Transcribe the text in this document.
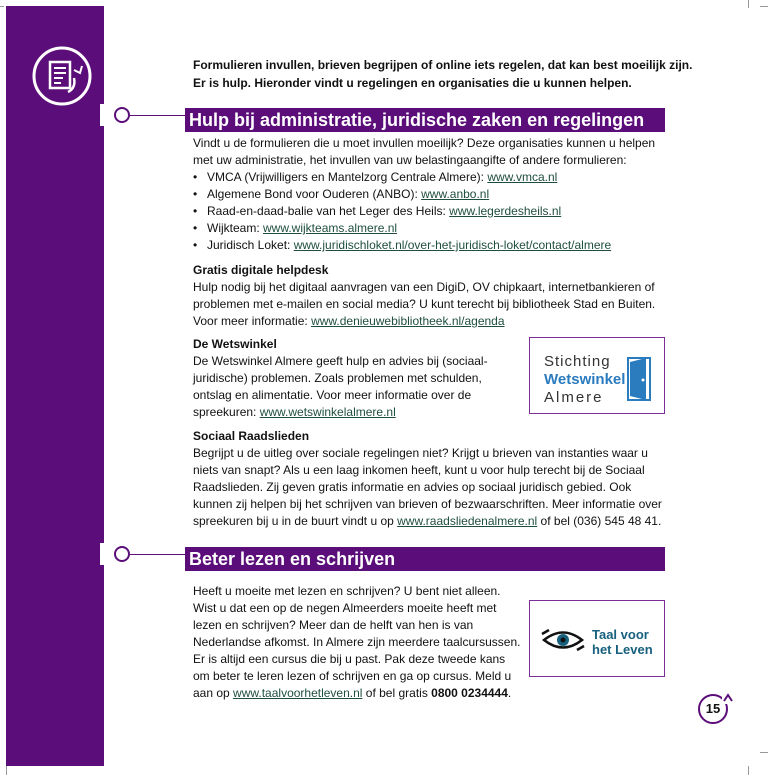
Formulieren invullen, brieven begrijpen of online iets regelen, dat kan best moeilijk zijn. Er is hulp. Hieronder vindt u regelingen en organisaties die u kunnen helpen.

Hulp bij administratie, juridische zaken en regelingen

Vindt u de formulieren die u moet invullen moeilijk? Deze organisaties kunnen u helpen met uw administratie, het invullen van uw belastingaangifte of andere formulieren:

• VMCA (Vrijwilligers en Mantelzorg Centrale Almere): www.vmca.nl
• Algemene Bond voor Ouderen (ANBO): www.anbo.nl
• Raad-en-daad-balie van het Leger des Heils: www.legerdesheils.nl
• Wijkteam: www.wijkteams.almere.nl
• Juridisch Loket: www.juridischloket.nl/over-het-juridisch-loket/contact/almere
Gratis digitale helpdesk

Hulp nodig bij het digitaal aanvragen van een DigiD, OV chipkaart, internetbankieren of problemen met e-mailen en social media? U kunt terecht bij bibliotheek Stad en Buiten. Voor meer informatie: www.denieuwebibliotheek.nl/agenda

De Wetswinkel

De Wetswinkel Almere geeft hulp en advies bij (sociaal-juridische) problemen. Zoals problemen met schulden, ontslag en alimentatie. Voor meer informatie over de spreekuren: www.wetswinkelalmere.nl

Stichting
Wetswinkel
Almere
Sociaal Raadslieden

Begrijpt u de uitleg over sociale regelingen niet? Krijgt u brieven van instanties waar u niets van snapt? Als u een laag inkomen heeft, kunt u voor hulp terecht bij de Sociaal Raadslieden. Zij geven gratis informatie en advies op sociaal juridisch gebied. Ook kunnen zij helpen bij het schrijven van brieven of bezwaarschriften. Meer informatie over spreekuren bij u in de buurt vindt u op www.raadsliedenalmere.nl of bel (036) 545 48 41.

Beter lezen en schrijven

Heeft u moeite met lezen en schrijven? U bent niet alleen. Wist u dat een op de negen Almeerders moeite heeft met lezen en schrijven? Meer dan de helft van hen is van Nederlandse afkomst. In Almere zijn meerdere taalcursussen. Er is altijd een cursus die bij u past. Pak deze tweede kans om beter te leren lezen of schrijven en ga op cursus. Meld u aan op www.taalvoorhetleven.nl of bel gratis 0800 0234444.

Taal voor
het Leven
15
